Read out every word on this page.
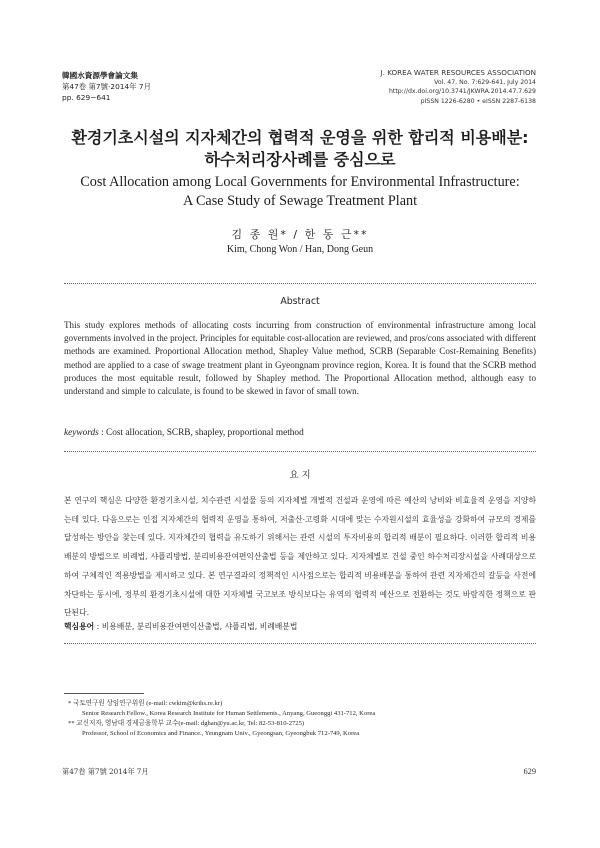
韓國水資源學會論文集
第47卷 第7號·2014年 7月
pp. 629~641
J. KOREA WATER RESOURCES ASSOCIATION
Vol. 47, No. 7:629-641, July 2014
http://dx.doi.org/10.3741/JKWRA.2014.47.7.629
pISSN 1226-6280 • eISSN 2287-6138
환경기초시설의 지자체간의 협력적 운영을 위한 합리적 비용배분:
하수처리장사례를 중심으로
Cost Allocation among Local Governments for Environmental Infrastructure:
A Case Study of Sewage Treatment Plant
김 종 원* / 한 동 근**
Kim, Chong Won / Han, Dong Geun
Abstract
This study explores methods of allocating costs incurring from construction of environmental infrastructure among local governments involved in the project. Principles for equitable cost-allocation are reviewed, and pros/cons associated with different methods are examined. Proportional Allocation method, Shapley Value method, SCRB (Separable Cost-Remaining Benefits) method are applied to a case of swage treatment plant in Gyeongnam province region, Korea. It is found that the SCRB method produces the most equitable result, followed by Shapley method. The Proportional Allocation method, although easy to understand and simple to calculate, is found to be skewed in favor of small town.
keywords : Cost allocation, SCRB, shapley, proportional method
요 지
본 연구의 핵심은 다양한 환경기초시설, 치수관련 시설물 등의 지자체별 개별적 건설과 운영에 따른 예산의 낭비와 비효율적 운영을 지양하는데 있다. 다음으로는 인접 지자체간의 협력적 운영을 통하여, 저출산·고령화 시대에 맞는 수자원시설의 효율성을 강화하여 규모의 경제를 달성하는 방안을 찾는데 있다. 지자체간의 협력을 유도하기 위해서는 관련 시설의 투자비용의 합리적 배분이 필요하다. 이러한 합리적 비용배분의 방법으로 비례법, 샤플리방법, 분리비용잔여편익산출법 등을 제안하고 있다. 지자체별로 건설 중인 하수처리장시설을 사례대상으로 하여 구체적인 적용방법을 제시하고 있다. 본 연구결과의 정책적인 시사점으로는 합리적 비용배분을 통하여 관련 지자체간의 갈등을 사전에 차단하는 동시에, 정부의 환경기초시설에 대한 지자체별 국고보조 방식보다는 유역의 협력적 예산으로 전환하는 것도 바람직한 정책으로 판단된다.
핵심용어 : 비용배분, 분리비용잔여편익산출법, 샤플리법, 비례배분법
* 국토연구원 상임연구위원 (e-mail: cwkim@krihs.re.kr)
Senior Research Fellow., Korea Research Institute for Human Settlements., Anyang, Gueonggi 431-712, Korea
** 교신저자, 영남대 경제금융학부 교수(e-mail: dghan@yu.ac.kr, Tel: 82-53-810-2725)
Professor, School of Economics and Finance., Yeungnam Univ., Gyeongsan, Gyeongbuk 712-749, Korea
第47卷 第7號 2014年 7月	629
